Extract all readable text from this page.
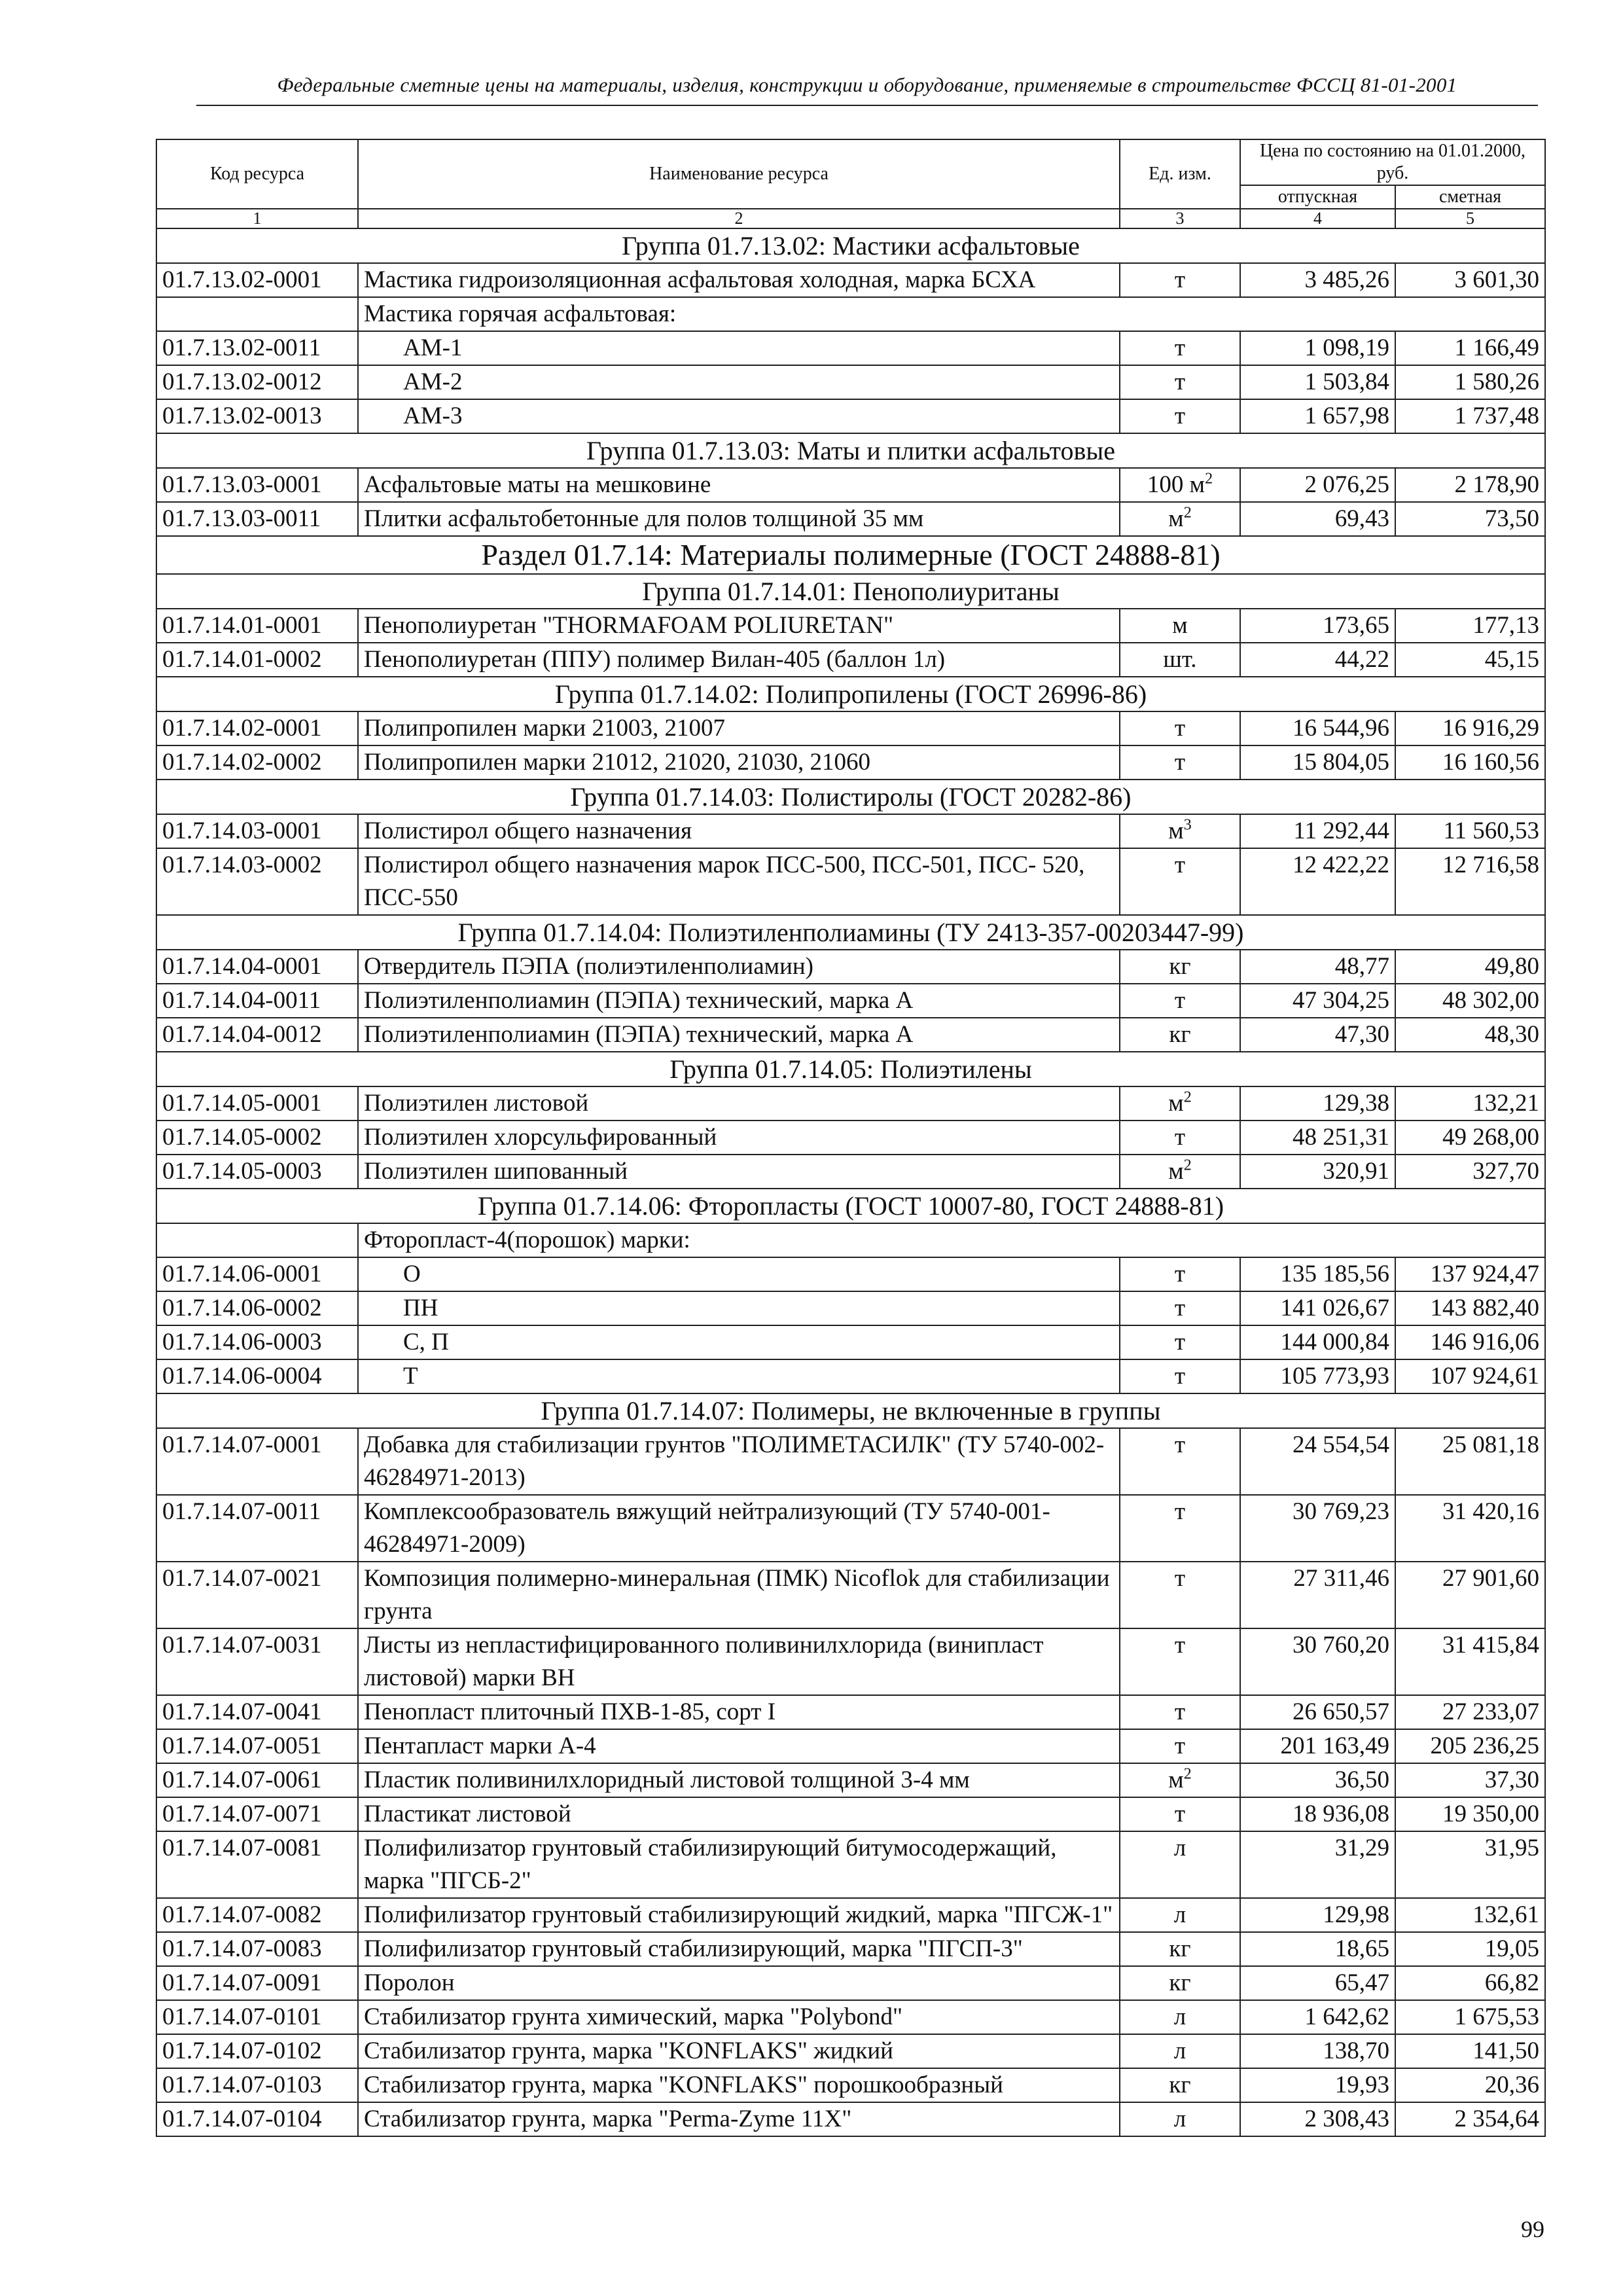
Федеральные сметные цены на материалы, изделия, конструкции и оборудование, применяемые в строительстве ФССЦ 81-01-2001
Код ресурса	Наименование ресурса	Ед. изм.	Цена по состоянию на 01.01.2000, руб.	
			отпускная	сметная
1	2	3	4	5
Группа 01.7.13.02: Мастики асфальтовые				
01.7.13.02-0001	Мастика гидроизоляционная асфальтовая холодная, марка БСХА	т	3 485,26	3 601,30
	Мастика горячая асфальтовая:			
01.7.13.02-0011	АМ-1	т	1 098,19	1 166,49
01.7.13.02-0012	АМ-2	т	1 503,84	1 580,26
01.7.13.02-0013	АМ-3	т	1 657,98	1 737,48
Группа 01.7.13.03: Маты и плитки асфальтовые				
01.7.13.03-0001	Асфальтовые маты на мешковине	100 $м^2$	2 076,25	2 178,90
01.7.13.03-0011	Плитки асфальтобетонные для полов толщиной 35 мм	$м^2$	69,43	73,50
Раздел 01.7.14: Материалы полимерные (ГОСТ 24888-81)				
Группа 01.7.14.01: Пенополиуританы				
01.7.14.01-0001	Пенополиуретан "THORMAFOAM POLIURETAN"	м	173,65	177,13
01.7.14.01-0002	Пенополиуретан (ППУ) полимер Вилан-405 (баллон 1л)	шт.	44,22	45,15
Группа 01.7.14.02: Полипропилены (ГОСТ 26996-86)				
01.7.14.02-0001	Полипропилен марки 21003, 21007	т	16 544,96	16 916,29
01.7.14.02-0002	Полипропилен марки 21012, 21020, 21030, 21060	т	15 804,05	16 160,56
Группа 01.7.14.03: Полистиролы (ГОСТ 20282-86)				
01.7.14.03-0001	Полистирол общего назначения	$м^3$	11 292,44	11 560,53
01.7.14.03-0002	Полистирол общего назначения марок ПСС-500, ПСС-501, ПСС- 520, ПСС-550	т	12 422,22	12 716,58
Группа 01.7.14.04: Полиэтиленполиамины (ТУ 2413-357-00203447-99)				
01.7.14.04-0001	Отвердитель ПЭПА (полиэтиленполиамин)	кг	48,77	49,80
01.7.14.04-0011	Полиэтиленполиамин (ПЭПА) технический, марка А	т	47 304,25	48 302,00
01.7.14.04-0012	Полиэтиленполиамин (ПЭПА) технический, марка А	кг	47,30	48,30
Группа 01.7.14.05: Полиэтилены				
01.7.14.05-0001	Полиэтилен листовой	$м^2$	129,38	132,21
01.7.14.05-0002	Полиэтилен хлорсульфированный	т	48 251,31	49 268,00
01.7.14.05-0003	Полиэтилен шипованный	$м^2$	320,91	327,70
Группа 01.7.14.06: Фторопласты (ГОСТ 10007-80, ГОСТ 24888-81)				
	Фторопласт-4(порошок) марки:			
01.7.14.06-0001	О	т	135 185,56	137 924,47
01.7.14.06-0002	ПН	т	141 026,67	143 882,40
01.7.14.06-0003	С, П	т	144 000,84	146 916,06
01.7.14.06-0004	Т	т	105 773,93	107 924,61
Группа 01.7.14.07: Полимеры, не включенные в группы				
01.7.14.07-0001	Добавка для стабилизации грунтов "ПОЛИМЕТАСИЛК" (ТУ 5740-002- 46284971-2013)	т	24 554,54	25 081,18
01.7.14.07-0011	Комплексообразователь вяжущий нейтрализующий (ТУ 5740-001-46284971-2009)	т	30 769,23	31 420,16
01.7.14.07-0021	Композиция полимерно-минеральная (ПМК) Nicoflok для стабилизации грунта	т	27 311,46	27 901,60
01.7.14.07-0031	Листы из непластифицированного поливинилхлорида (винипласт листовой) марки ВН	т	30 760,20	31 415,84
01.7.14.07-0041	Пенопласт плиточный ПХВ-1-85, сорт I	т	26 650,57	27 233,07
01.7.14.07-0051	Пентапласт марки А-4	т	201 163,49	205 236,25
01.7.14.07-0061	Пластик поливинилхлоридный листовой толщиной 3-4 мм	$м^2$	36,50	37,30
01.7.14.07-0071	Пластикат листовой	т	18 936,08	19 350,00
01.7.14.07-0081	Полифилизатор грунтовый стабилизирующий битумосодержащий, марка "ПГСБ-2"	л	31,29	31,95
01.7.14.07-0082	Полифилизатор грунтовый стабилизирующий жидкий, марка "ПГСЖ-1"	л	129,98	132,61
01.7.14.07-0083	Полифилизатор грунтовый стабилизирующий, марка "ПГСП-3"	кг	18,65	19,05
01.7.14.07-0091	Поролон	кг	65,47	66,82
01.7.14.07-0101	Стабилизатор грунта химический, марка "Polybond"	л	1 642,62	1 675,53
01.7.14.07-0102	Стабилизатор грунта, марка "KONFLAKS" жидкий	л	138,70	141,50
01.7.14.07-0103	Стабилизатор грунта, марка "KONFLAKS" порошкообразный	кг	19,93	20,36
01.7.14.07-0104	Стабилизатор грунта, марка "Perma-Zyme 11X"	л	2 308,43	2 354,64
99
